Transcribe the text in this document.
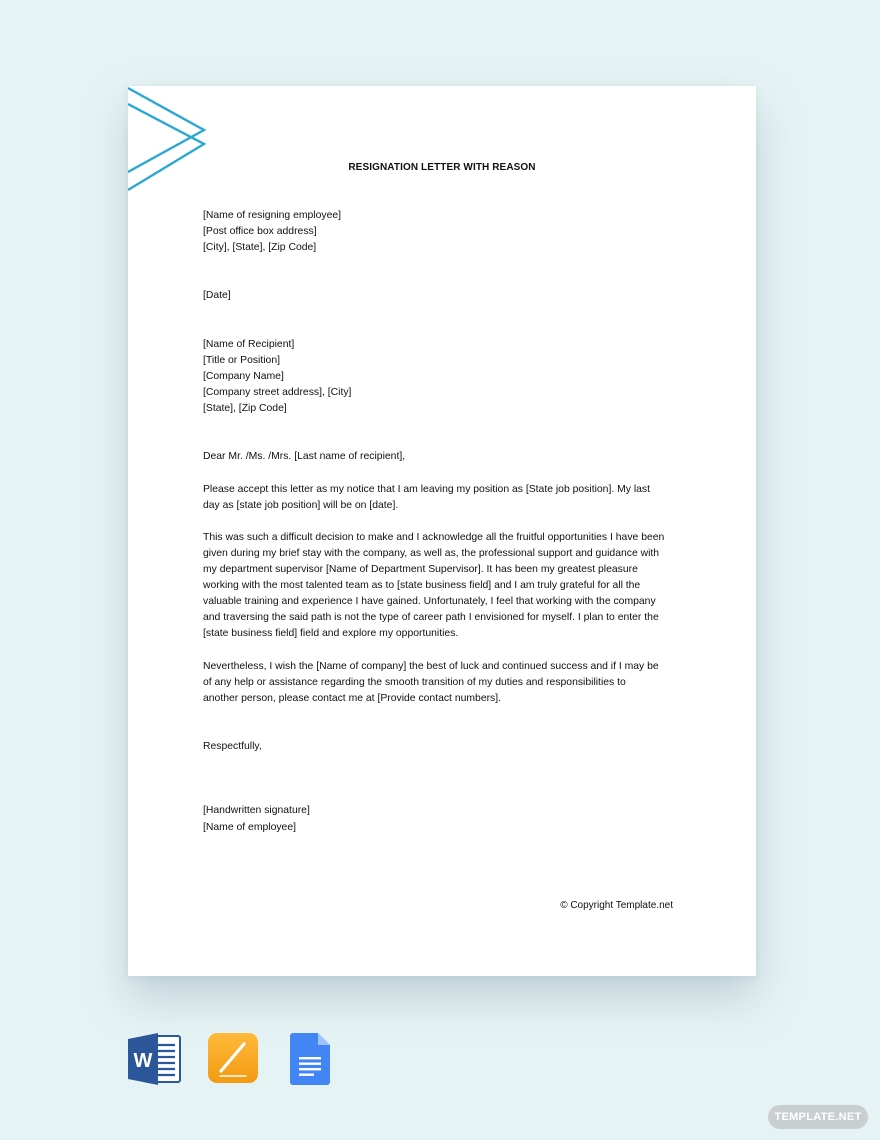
RESIGNATION LETTER WITH REASON
[Name of resigning employee]
[Post office box address]
[City], [State], [Zip Code]
[Date]
[Name of Recipient]
[Title or Position]
[Company Name]
[Company street address], [City]
[State], [Zip Code]
Dear Mr. /Ms. /Mrs. [Last name of recipient],
Please accept this letter as my notice that I am leaving my position as [State job position]. My last
day as [state job position] will be on [date].
This was such a difficult decision to make and I acknowledge all the fruitful opportunities I have been
given during my brief stay with the company, as well as, the professional support and guidance with
my department supervisor [Name of Department Supervisor]. It has been my greatest pleasure
working with the most talented team as to [state business field] and I am truly grateful for all the
valuable training and experience I have gained. Unfortunately, I feel that working with the company
and traversing the said path is not the type of career path I envisioned for myself. I plan to enter the
[state business field] field and explore my opportunities.
Nevertheless, I wish the [Name of company] the best of luck and continued success and if I may be
of any help or assistance regarding the smooth transition of my duties and responsibilities to
another person, please contact me at [Provide contact numbers].
Respectfully,
[Handwritten signature]
[Name of employee]
© Copyright Template.net
W
TEMPLATE.NET
